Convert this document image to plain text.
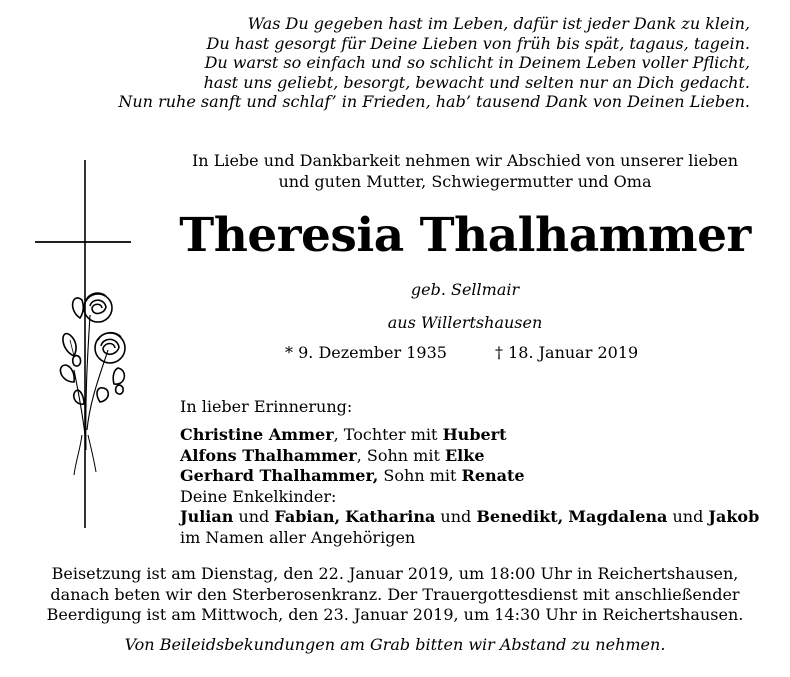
Was Du gegeben hast im Leben, dafür ist jeder Dank zu klein,
Du hast gesorgt für Deine Lieben von früh bis spät, tagaus, tagein.
Du warst so einfach und so schlicht in Deinem Leben voller Pflicht,
hast uns geliebt, besorgt, bewacht und selten nur an Dich gedacht.
Nun ruhe sanft und schlaf’ in Frieden, hab’ tausend Dank von Deinen Lieben.
In Liebe und Dankbarkeit nehmen wir Abschied von unserer lieben
und guten Mutter, Schwiegermutter und Oma
Theresia Thalhammer
geb. Sellmair
aus Willertshausen
* 9. Dezember 1935	† 18. Januar 2019
In lieber Erinnerung:
Christine Ammer, Tochter mit Hubert
Alfons Thalhammer, Sohn mit Elke
Gerhard Thalhammer, Sohn mit Renate
Deine Enkelkinder:
Julian und Fabian, Katharina und Benedikt, Magdalena und Jakob
im Namen aller Angehörigen
Beisetzung ist am Dienstag, den 22. Januar 2019, um 18:00 Uhr in Reichertshausen,
danach beten wir den Sterberosenkranz. Der Trauergottesdienst mit anschließender
Beerdigung ist am Mittwoch, den 23. Januar 2019, um 14:30 Uhr in Reichertshausen.
Von Beileidsbekundungen am Grab bitten wir Abstand zu nehmen.
